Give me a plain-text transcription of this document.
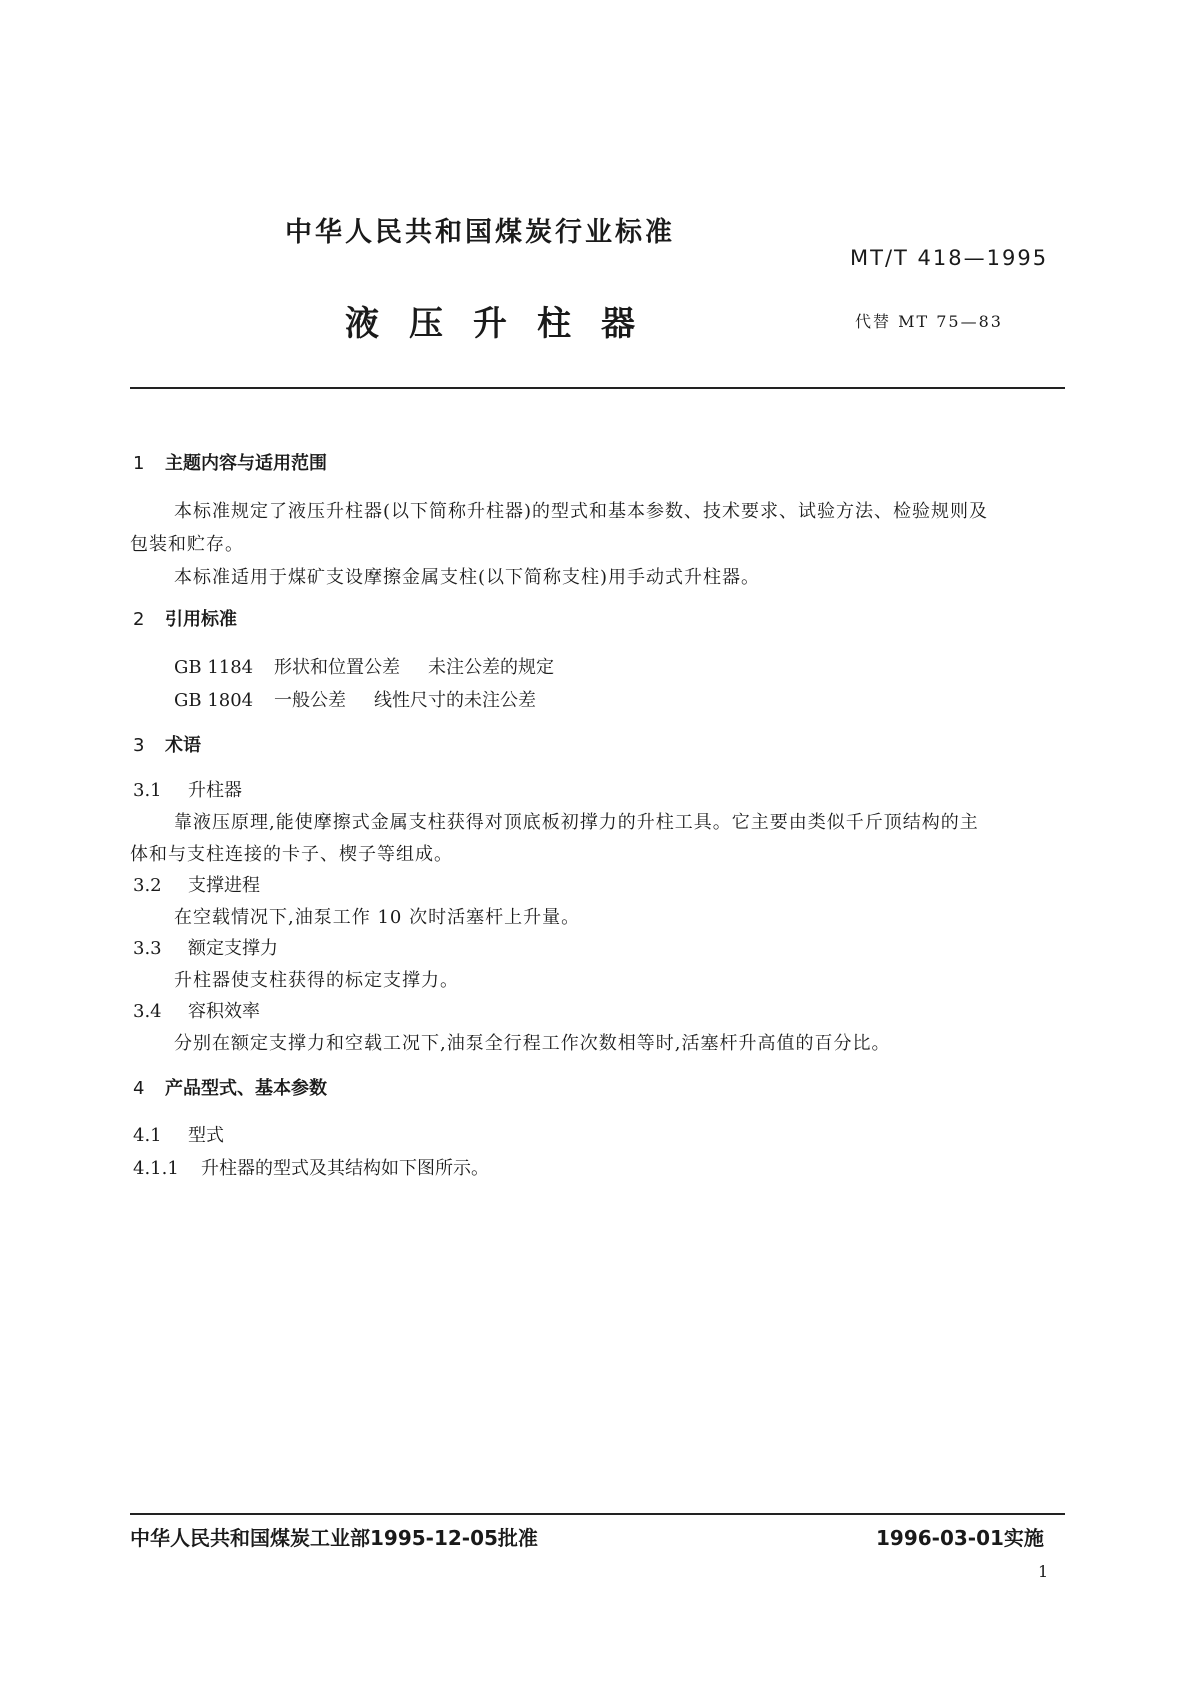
中华人民共和国煤炭行业标准
MT/T 418—1995
液压升柱器	代替 MT 75—83
1 主题内容与适用范围
本标准规定了液压升柱器(以下简称升柱器)的型式和基本参数、技术要求、试验方法、检验规则及
包装和贮存。
本标准适用于煤矿支设摩擦金属支柱(以下简称支柱)用手动式升柱器。
2 引用标准
GB 1184 形状和位置公差 未注公差的规定
GB 1804 一般公差 线性尺寸的未注公差
3 术语
3.1 升柱器
靠液压原理,能使摩擦式金属支柱获得对顶底板初撑力的升柱工具。它主要由类似千斤顶结构的主
体和与支柱连接的卡子、楔子等组成。
3.2 支撑进程
在空载情况下,油泵工作 10 次时活塞杆上升量。
3.3 额定支撑力
升柱器使支柱获得的标定支撑力。
3.4 容积效率
分别在额定支撑力和空载工况下,油泵全行程工作次数相等时,活塞杆升高值的百分比。
4 产品型式、基本参数
4.1 型式
4.1.1 升柱器的型式及其结构如下图所示。
中华人民共和国煤炭工业部1995-12-05批准	1996-03-01实施
1
